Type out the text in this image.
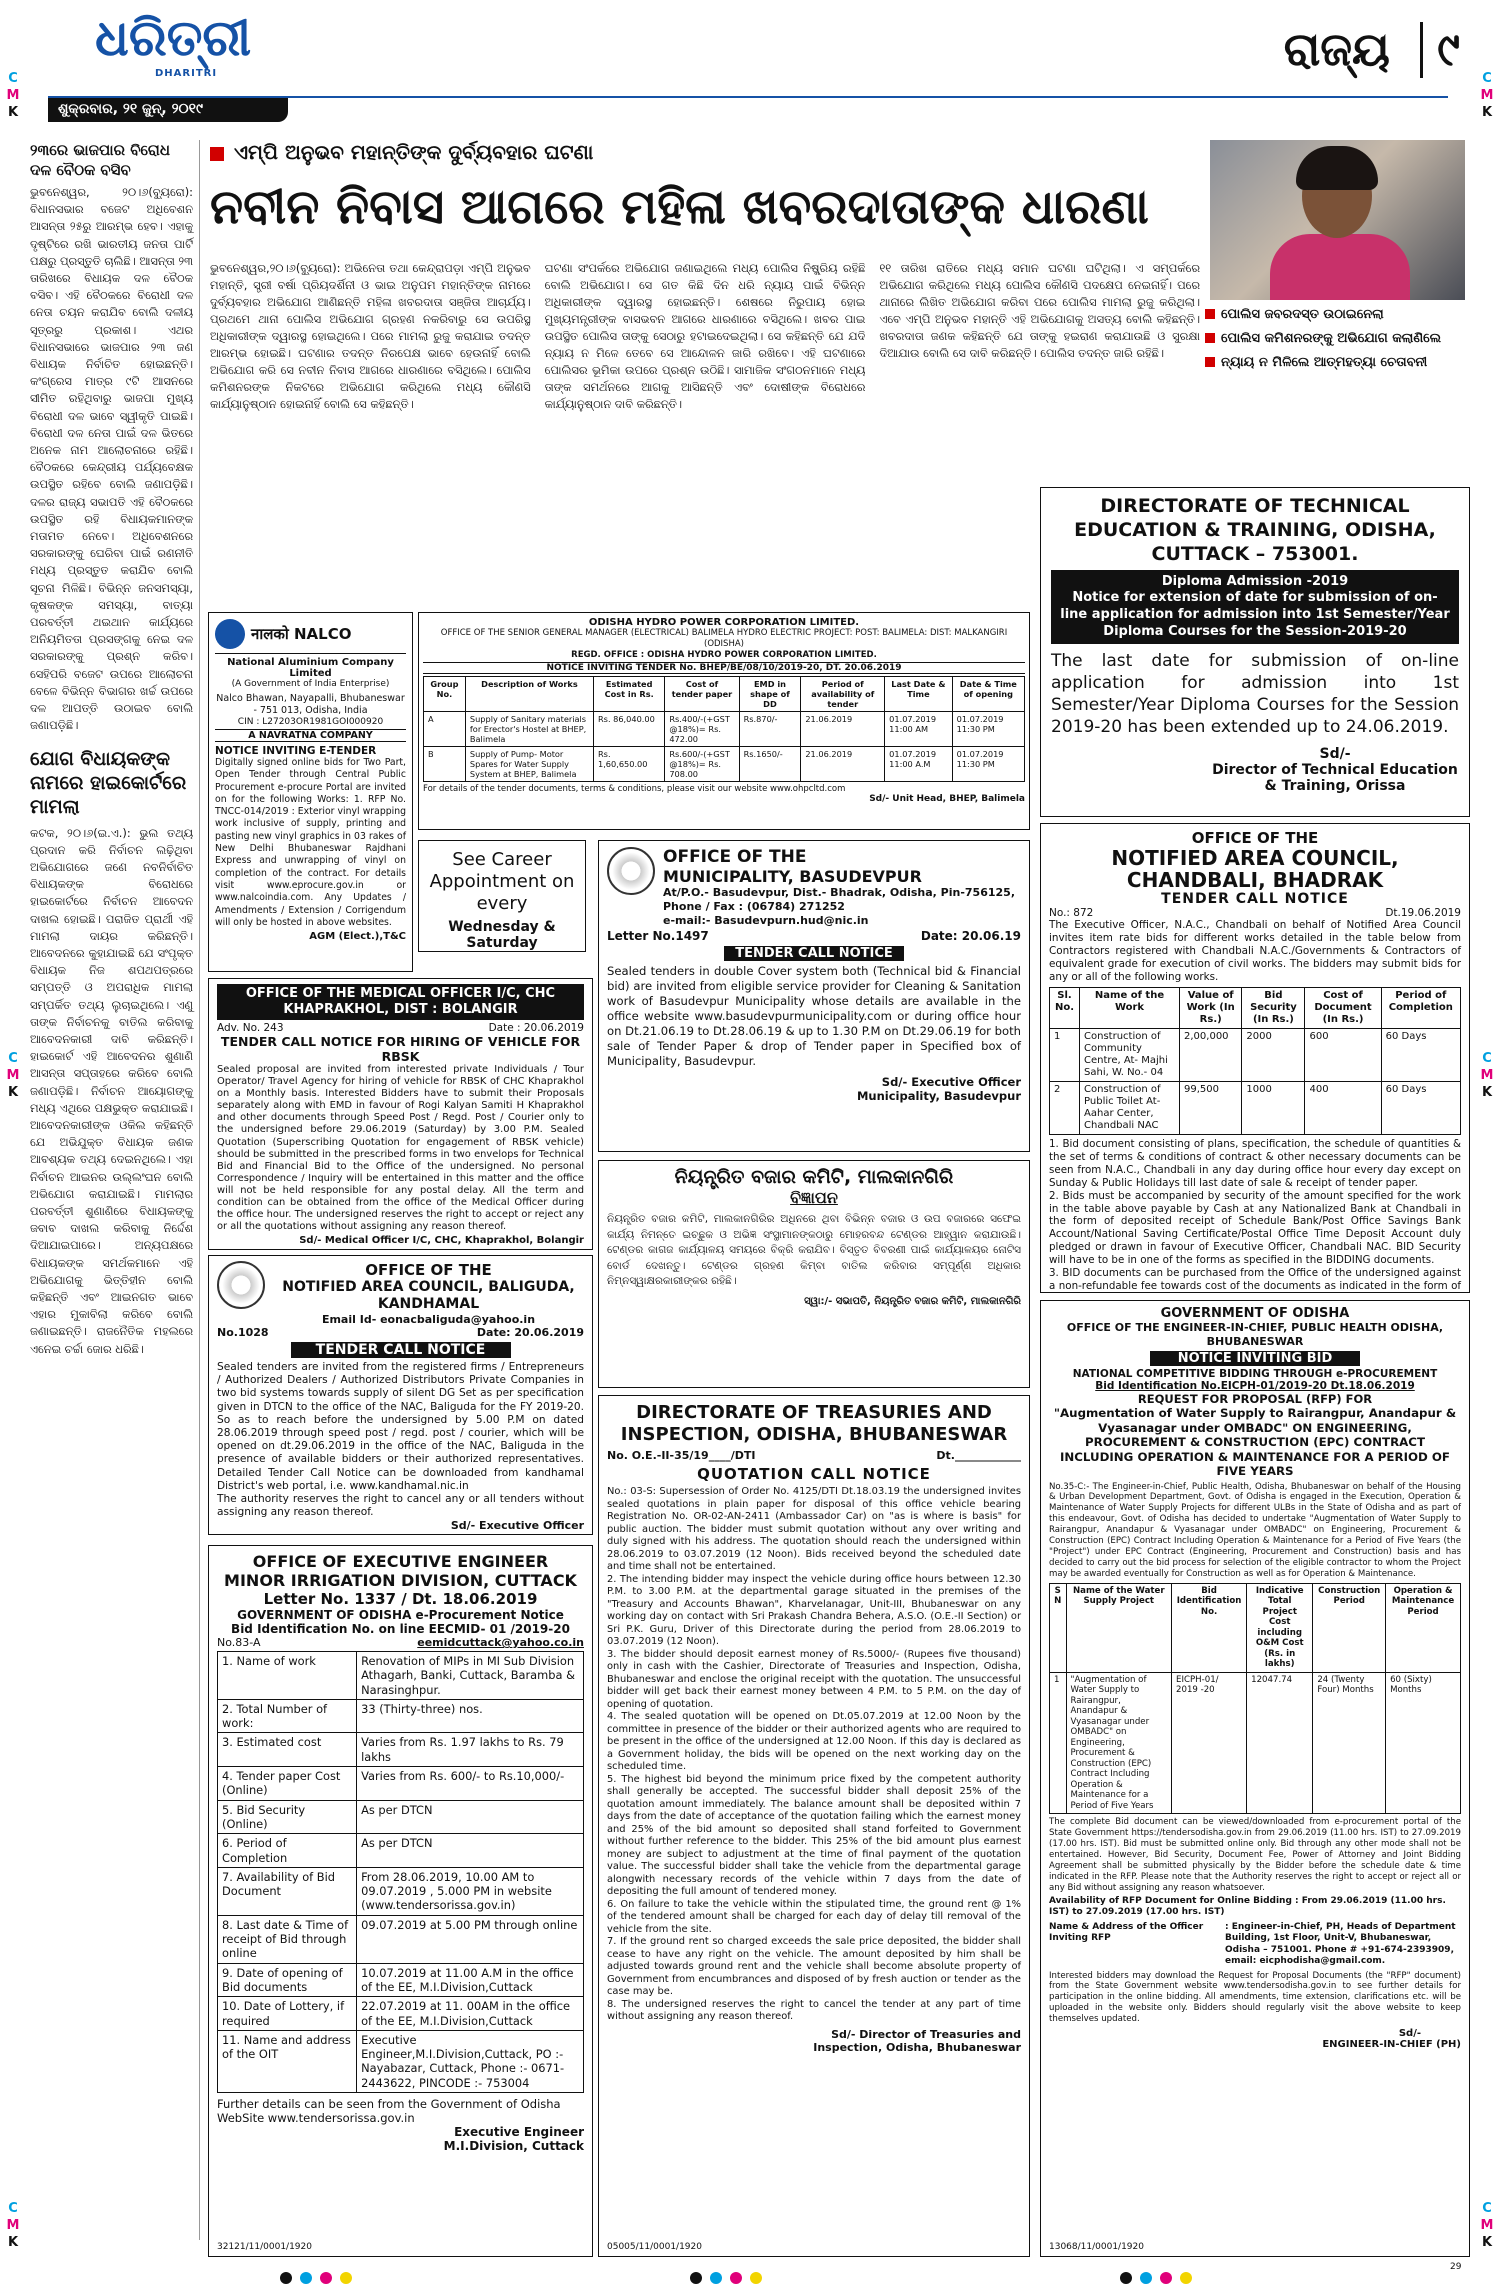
ଧରିତ୍ରୀ
DHARITRI	ରାଜ୍ୟ	୯
ଶୁକ୍ରବାର, ୨୧ ଜୁନ୍, ୨୦୧୯
C
M
K
C
M
K
C
M
K
C
M
K
C
M
K
C
M
K
୨୩ରେ ଭାଜପାର ବିରୋଧ ଦଳ ବୈଠକ ବସିବ
ଭୁବନେଶ୍ୱର, ୨୦।୬(ବ୍ୟୁରୋ): ବିଧାନସଭାର ବଜେଟ ଅଧିବେଶନ ଆସନ୍ତା ୨୫ରୁ ଆରମ୍ଭ ହେବ। ଏହାକୁ ଦୃଷ୍ଟିରେ ରଖି ଭାରତୀୟ ଜନତା ପାର୍ଟି ପକ୍ଷରୁ ପ୍ରସ୍ତୁତି ଚାଲିଛି। ଆସନ୍ତା ୨୩ ତାରିଖରେ ବିଧାୟକ ଦଳ ବୈଠକ ବସିବ। ଏହି ବୈଠକରେ ବିରୋଧୀ ଦଳ ନେତା ଚୟନ କରାଯିବ ବୋଲି ଦଳୀୟ ସୂତ୍ରରୁ ପ୍ରକାଶ। ଏଥର ବିଧାନସଭାରେ ଭାଜପାର ୨୩ ଜଣ ବିଧାୟକ ନିର୍ବାଚିତ ହୋଇଛନ୍ତି। କଂଗ୍ରେସ ମାତ୍ର ୯ଟି ଆସନରେ ସୀମିତ ରହିଥିବାରୁ ଭାଜପା ମୁଖ୍ୟ ବିରୋଧୀ ଦଳ ଭାବେ ସ୍ୱୀକୃତି ପାଇଛି। ବିରୋଧୀ ଦଳ ନେତା ପାଇଁ ଦଳ ଭିତରେ ଅନେକ ନାମ ଆଲୋଚନାରେ ରହିଛି। ବୈଠକରେ କେନ୍ଦ୍ରୀୟ ପର୍ଯ୍ୟବେକ୍ଷକ ଉପସ୍ଥିତ ରହିବେ ବୋଲି ଜଣାପଡ଼ିଛି। ଦଳର ରାଜ୍ୟ ସଭାପତି ଏହି ବୈଠକରେ ଉପସ୍ଥିତ ରହି ବିଧାୟକମାନଙ୍କ ମତାମତ ନେବେ। ଅଧିବେଶନରେ ସରକାରଙ୍କୁ ଘେରିବା ପାଇଁ ରଣନୀତି ମଧ୍ୟ ପ୍ରସ୍ତୁତ କରାଯିବ ବୋଲି ସୂଚନା ମିଳିଛି। ବିଭିନ୍ନ ଜନସମସ୍ୟା, କୃଷକଙ୍କ ସମସ୍ୟା, ବାତ୍ୟା ପରବର୍ତ୍ତୀ ଥଇଥାନ କାର୍ଯ୍ୟରେ ଅନିୟମିତତା ପ୍ରସଙ୍ଗକୁ ନେଇ ଦଳ ସରକାରଙ୍କୁ ପ୍ରଶ୍ନ କରିବ। ସେହିପରି ବଜେଟ ଉପରେ ଆଲୋଚନା ବେଳେ ବିଭିନ୍ନ ବିଭାଗର ଖର୍ଚ୍ଚ ଉପରେ ଦଳ ଆପତ୍ତି ଉଠାଇବ ବୋଲି ଜଣାପଡ଼ିଛି।
ଯୋଗ ବିଧାୟକଙ୍କ ନାମରେ ହାଇକୋର୍ଟରେ ମାମଲା
କଟକ, ୨୦।୬(ଇ.ଏ.): ଭୁଲ ତଥ୍ୟ ପ୍ରଦାନ କରି ନିର୍ବାଚନ ଲଢ଼ିଥିବା ଅଭିଯୋଗରେ ଜଣେ ନବନିର୍ବାଚିତ ବିଧାୟକଙ୍କ ବିରୋଧରେ ହାଇକୋର୍ଟରେ ନିର୍ବାଚନ ଆବେଦନ ଦାଖଲ ହୋଇଛି। ପରାଜିତ ପ୍ରାର୍ଥୀ ଏହି ମାମଲା ଦାୟର କରିଛନ୍ତି। ଆବେଦନରେ କୁହାଯାଇଛି ଯେ ସଂପୃକ୍ତ ବିଧାୟକ ନିଜ ଶପଥପତ୍ରରେ ସମ୍ପତ୍ତି ଓ ଅପରାଧିକ ମାମଲା ସମ୍ପର୍କିତ ତଥ୍ୟ ଲୁଚାଇଥିଲେ। ଏଣୁ ତାଙ୍କ ନିର୍ବାଚନକୁ ବାତିଲ କରିବାକୁ ଆବେଦନକାରୀ ଦାବି କରିଛନ୍ତି। ହାଇକୋର୍ଟ ଏହି ଆବେଦନର ଶୁଣାଣି ଆସନ୍ତା ସପ୍ତାହରେ କରିବେ ବୋଲି ଜଣାପଡ଼ିଛି। ନିର୍ବାଚନ ଆୟୋଗଙ୍କୁ ମଧ୍ୟ ଏଥିରେ ପକ୍ଷଭୁକ୍ତ କରାଯାଇଛି। ଆବେଦନକାରୀଙ୍କ ଓକିଲ କହିଛନ୍ତି ଯେ ଅଭିଯୁକ୍ତ ବିଧାୟକ ଜଣକ ଆବଶ୍ୟକ ତଥ୍ୟ ଦେଇନଥିଲେ। ଏହା ନିର୍ବାଚନ ଆଇନର ଉଲ୍ଲଂଘନ ବୋଲି ଅଭିଯୋଗ କରାଯାଇଛି। ମାମଲାର ପରବର୍ତ୍ତୀ ଶୁଣାଣିରେ ବିଧାୟକଙ୍କୁ ଜବାବ ଦାଖଲ କରିବାକୁ ନିର୍ଦ୍ଦେଶ ଦିଆଯାଇପାରେ। ଅନ୍ୟପକ୍ଷରେ ବିଧାୟକଙ୍କ ସମର୍ଥକମାନେ ଏହି ଅଭିଯୋଗକୁ ଭିତ୍ତିହୀନ ବୋଲି କହିଛନ୍ତି ଏବଂ ଆଇନଗତ ଭାବେ ଏହାର ମୁକାବିଲା କରିବେ ବୋଲି ଜଣାଇଛନ୍ତି। ରାଜନୈତିକ ମହଲରେ ଏନେଇ ଚର୍ଚ୍ଚା ଜୋର ଧରିଛି।
ଏମ୍‌ପି ଅନୁଭବ ମହାନ୍ତିଙ୍କ ଦୁର୍ବ୍ୟବହାର ଘଟଣା
ନବୀନ ନିବାସ ଆଗରେ ମହିଳା ଖବରଦାତାଙ୍କ ଧାରଣା
ଭୁବନେଶ୍ୱର,୨୦।୬(ବ୍ୟୁରୋ): ଅଭିନେତା ତଥା କେନ୍ଦ୍ରାପଡ଼ା ଏମ୍‌ପି ଅନୁଭବ ମହାନ୍ତି, ସ୍ତ୍ରୀ ବର୍ଷା ପ୍ରିୟଦର୍ଶିନୀ ଓ ଭାଇ ଅନୁପମ ମହାନ୍ତିଙ୍କ ନାମରେ ଦୁର୍ବ୍ୟବହାର ଅଭିଯୋଗ ଆଣିଛନ୍ତି ମହିଳା ଖବରଦାତା ସଞ୍ଜିତା ଆଚାର୍ଯ୍ୟ। ପ୍ରଥମେ ଥାନା ପୋଲିସ ଅଭିଯୋଗ ଗ୍ରହଣ ନକରିବାରୁ ସେ ଉପରିସ୍ଥ ଅଧିକାରୀଙ୍କ ଦ୍ୱାରସ୍ଥ ହୋଇଥିଲେ। ପରେ ମାମଲା ରୁଜୁ କରାଯାଇ ତଦନ୍ତ ଆରମ୍ଭ ହୋଇଛି। ଘଟଣାର ତଦନ୍ତ ନିରପେକ୍ଷ ଭାବେ ହେଉନାହିଁ ବୋଲି ଅଭିଯୋଗ କରି ସେ ନବୀନ ନିବାସ ଆଗରେ ଧାରଣାରେ ବସିଥିଲେ। ପୋଲିସ କମିଶନରଙ୍କ ନିକଟରେ ଅଭିଯୋଗ କରିଥିଲେ ମଧ୍ୟ କୌଣସି କାର୍ଯ୍ୟାନୁଷ୍ଠାନ ହୋଇନାହିଁ ବୋଲି ସେ କହିଛନ୍ତି।
ଘଟଣା ସଂପର୍କରେ ଅଭିଯୋଗ ଜଣାଇଥିଲେ ମଧ୍ୟ ପୋଲିସ ନିଷ୍କ୍ରିୟ ରହିଛି ବୋଲି ଅଭିଯୋଗ। ସେ ଗତ କିଛି ଦିନ ଧରି ନ୍ୟାୟ ପାଇଁ ବିଭିନ୍ନ ଅଧିକାରୀଙ୍କ ଦ୍ୱାରସ୍ଥ ହୋଇଛନ୍ତି। ଶେଷରେ ନିରୁପାୟ ହୋଇ ମୁଖ୍ୟମନ୍ତ୍ରୀଙ୍କ ବାସଭବନ ଆଗରେ ଧାରଣାରେ ବସିଥିଲେ। ଖବର ପାଇ ଉପସ୍ଥିତ ପୋଲିସ ତାଙ୍କୁ ସେଠାରୁ ହଟାଇଦେଇଥିଲା। ସେ କହିଛନ୍ତି ଯେ ଯଦି ନ୍ୟାୟ ନ ମିଳେ ତେବେ ସେ ଆନ୍ଦୋଳନ ଜାରି ରଖିବେ। ଏହି ଘଟଣାରେ ପୋଲିସର ଭୂମିକା ଉପରେ ପ୍ରଶ୍ନ ଉଠିଛି। ସାମାଜିକ ସଂଗଠନମାନେ ମଧ୍ୟ ତାଙ୍କ ସମର୍ଥନରେ ଆଗକୁ ଆସିଛନ୍ତି ଏବଂ ଦୋଷୀଙ୍କ ବିରୋଧରେ କାର୍ଯ୍ୟାନୁଷ୍ଠାନ ଦାବି କରିଛନ୍ତି।
୧୧ ତାରିଖ ରାତିରେ ମଧ୍ୟ ସମାନ ଘଟଣା ଘଟିଥିଲା। ଏ ସମ୍ପର୍କରେ ଅଭିଯୋଗ କରିଥିଲେ ମଧ୍ୟ ପୋଲିସ କୌଣସି ପଦକ୍ଷେପ ନେଇନାହିଁ। ପରେ ଥାନାରେ ଲିଖିତ ଅଭିଯୋଗ କରିବା ପରେ ପୋଲିସ ମାମଲା ରୁଜୁ କରିଥିଲା। ଏବେ ଏମ୍‌ପି ଅନୁଭବ ମହାନ୍ତି ଏହି ଅଭିଯୋଗକୁ ଅସତ୍ୟ ବୋଲି କହିଛନ୍ତି। ଖବରଦାତା ଜଣକ କହିଛନ୍ତି ଯେ ତାଙ୍କୁ ହଇରାଣ କରାଯାଉଛି ଓ ସୁରକ୍ଷା ଦିଆଯାଉ ବୋଲି ସେ ଦାବି କରିଛନ୍ତି। ପୋଲିସ ତଦନ୍ତ ଜାରି ରହିଛି।
ପୋଲିସ ଜବରଦସ୍ତ ଉଠାଇନେଲା
ପୋଲିସ କମିଶନରଙ୍କୁ ଅଭିଯୋଗ କଲାଣିଲେ
ନ୍ୟାୟ ନ ମିଳିଲେ ଆତ୍ମହତ୍ୟା ଚେତାବନୀ
नालको NALCO
National Aluminium Company Limited
(A Government of India Enterprise)
Nalco Bhawan, Nayapalli, Bhubaneswar - 751 013, Odisha, India
CIN : L27203OR1981GOI000920
A NAVRATNA COMPANY
NOTICE INVITING E-TENDER
Digitally signed online bids for Two Part, Open Tender through Central Public Procurement e-procure Portal are invited on for the following Works: 1. RFP No. TNCC-014/2019 : Exterior vinyl wrapping work inclusive of supply, printing and pasting new vinyl graphics in 03 rakes of New Delhi Bhubaneswar Rajdhani Express and unwrapping of vinyl on completion of the contract. For details visit www.eprocure.gov.in or www.nalcoindia.com. Any Updates / Amendments / Extension / Corrigendum will only be hosted in above websites.
AGM (Elect.),T&C
ODISHA HYDRO POWER CORPORATION LIMITED.
OFFICE OF THE SENIOR GENERAL MANAGER (ELECTRICAL) BALIMELA HYDRO ELECTRIC PROJECT: POST: BALIMELA: DIST: MALKANGIRI (ODISHA)
REGD. OFFICE : ODISHA HYDRO POWER CORPORATION LIMITED.
NOTICE INVITING TENDER No. BHEP/BE/08/10/2019-20, DT. 20.06.2019
Group No.	Description of Works	Estimated Cost in Rs.	Cost of tender paper	EMD in shape of DD	Period of availability of tender	Last Date & Time	Date & Time of opening
A	Supply of Sanitary materials for Erector's Hostel at BHEP, Balimela	Rs. 86,040.00	Rs.400/-(+GST @18%)= Rs. 472.00	Rs.870/-	21.06.2019	01.07.2019 11:00 AM	01.07.2019 11:30 PM
B	Supply of Pump- Motor Spares for Water Supply System at BHEP, Balimela	Rs. 1,60,650.00	Rs.600/-(+GST @18%)= Rs. 708.00	Rs.1650/-	21.06.2019	01.07.2019 11:00 A.M	01.07.2019 11:30 PM
For details of the tender documents, terms & conditions, please visit our website www.ohpcltd.com
Sd/- Unit Head, BHEP, Balimela
See Career Appointment on every
Wednesday & Saturday
OFFICE OF THE
MUNICIPALITY, BASUDEVPUR
At/P.O.- Basudevpur, Dist.- Bhadrak, Odisha, Pin-756125, Phone / Fax : (06784) 271252
e-mail:- Basudevpurn.hud@nic.in
Letter No.1497	Date: 20.06.19
TENDER CALL NOTICE
Sealed tenders in double Cover system both (Technical bid & Financial bid) are invited from eligible service provider for Cleaning & Sanitation work of Basudevpur Municipality whose details are available in the office website www.basudevpurmunicipality.com or during office hour on Dt.21.06.19 to Dt.28.06.19 & up to 1.30 P.M on Dt.29.06.19 for both sale of Tender Paper & drop of Tender paper in Specified box of Municipality, Basudevpur.
Sd/- Executive Officer
Municipality, Basudevpur
OFFICE OF THE MEDICAL OFFICER I/C, CHC KHAPRAKHOL, DIST : BOLANGIR
Adv. No. 243	Date : 20.06.2019
TENDER CALL NOTICE FOR HIRING OF VEHICLE FOR RBSK
Sealed proposal are invited from interested private Individuals / Tour Operator/ Travel Agency for hiring of vehicle for RBSK of CHC Khaprakhol on a Monthly basis. Interested Bidders have to submit their Proposals separately along with EMD in favour of Rogi Kalyan Samiti H Khaprakhol and other documents through Speed Post / Regd. Post / Courier only to the undersigned before 29.06.2019 (Saturday) by 3.00 P.M. Sealed Quotation (Superscribing Quotation for engagement of RBSK vehicle) should be submitted in the prescribed forms in two envelops for Technical Bid and Financial Bid to the Office of the undersigned. No personal Correspondence / Inquiry will be entertained in this matter and the office will not be held responsible for any postal delay. All the term and condition can be obtained from the office of the Medical Officer during the office hour. The undersigned reserves the right to accept or reject any or all the quotations without assigning any reason thereof.
Sd/- Medical Officer I/C, CHC, Khaprakhol, Bolangir
OFFICE OF THE
NOTIFIED AREA COUNCIL, BALIGUDA, KANDHAMAL
Email Id- eonacbaliguda@yahoo.in
No.1028	Date: 20.06.2019
TENDER CALL NOTICE
Sealed tenders are invited from the registered firms / Entrepreneurs / Authorized Dealers / Authorized Distributors Private Companies in two bid systems towards supply of silent DG Set as per specification given in DTCN to the office of the NAC, Baliguda for the FY 2019-20. So as to reach before the undersigned by 5.00 P.M on dated 28.06.2019 through speed post / regd. post / courier, which will be opened on dt.29.06.2019 in the office of the NAC, Baliguda in the presence of available bidders or their authorized representatives. Detailed Tender Call Notice can be downloaded from kandhamal District's web portal, i.e. www.kandhamal.nic.in
The authority reserves the right to cancel any or all tenders without assigning any reason thereof.
Sd/- Executive Officer
OFFICE OF EXECUTIVE ENGINEER
MINOR IRRIGATION DIVISION, CUTTACK
Letter No. 1337 / Dt. 18.06.2019
GOVERNMENT OF ODISHA e-Procurement Notice
Bid Identification No. on line EECMID- 01 /2019-20
No.83-A	eemidcuttack@yahoo.co.in
1. Name of work	Renovation of MIPs in MI Sub Division Athagarh, Banki, Cuttack, Baramba & Narasinghpur.
2. Total Number of work:	33 (Thirty-three) nos.
3. Estimated cost	Varies from Rs. 1.97 lakhs to Rs. 79 lakhs
4. Tender paper Cost (Online)	Varies from Rs. 600/- to Rs.10,000/-
5. Bid Security (Online)	As per DTCN
6. Period of Completion	As per DTCN
7. Availability of Bid Document	From 28.06.2019, 10.00 AM to 09.07.2019 , 5.000 PM in website (www.tendersorissa.gov.in)
8. Last date & Time of receipt of Bid through online	09.07.2019 at 5.00 PM through online
9. Date of opening of Bid documents	10.07.2019 at 11.00 A.M in the office of the EE, M.I.Division,Cuttack
10. Date of Lottery, if required	22.07.2019 at 11. 00AM in the office of the EE, M.I.Division,Cuttack
11. Name and address of the OIT	Executive Engineer,M.I.Division,Cuttack, PO :- Nayabazar, Cuttack, Phone :- 0671-2443622, PINCODE :- 753004
Further details can be seen from the Government of Odisha WebSite www.tendersorissa.gov.in
Executive Engineer
M.I.Division, Cuttack
32121/11/0001/1920
ନିୟନ୍ତ୍ରିତ ବଜାର କମିଟି, ମାଲକାନଗିରି
ବିଜ୍ଞାପନ
ନିୟନ୍ତ୍ରିତ ବଜାର କମିଟି, ମାଲକାନଗିରିର ଅଧିନରେ ଥିବା ବିଭିନ୍ନ ବଜାର ଓ ଉପ ବଜାରରେ ସଫେଇ କାର୍ଯ୍ୟ ନିମନ୍ତେ ଇଚ୍ଛୁକ ଓ ଅଭିଜ୍ଞ ସଂସ୍ଥାମାନଙ୍କଠାରୁ ମୋହରବନ୍ଦ ଟେଣ୍ଡର ଆହ୍ୱାନ କରାଯାଉଛି। ଟେଣ୍ଡର କାଗଜ କାର୍ଯ୍ୟାଳୟ ସମୟରେ ବିକ୍ରି କରାଯିବ। ବିସ୍ତୃତ ବିବରଣୀ ପାଇଁ କାର୍ଯ୍ୟାଳୟର ନୋଟିସ ବୋର୍ଡ ଦେଖନ୍ତୁ। ଟେଣ୍ଡର ଗ୍ରହଣ କିମ୍ବା ବାତିଲ କରିବାର ସମ୍ପୂର୍ଣ୍ଣ ଅଧିକାର ନିମ୍ନସ୍ୱାକ୍ଷରକାରୀଙ୍କର ରହିଛି।
ସ୍ୱା:/- ସଭାପତି, ନିୟନ୍ତ୍ରିତ ବଜାର କମିଟି, ମାଲକାନଗିରି
DIRECTORATE OF TREASURIES AND INSPECTION, ODISHA, BHUBANESWAR
No. O.E.-II-35/19____/DTI	Dt.____________
QUOTATION CALL NOTICE
No.: 03-S: Supersession of Order No. 4125/DTI Dt.18.03.19 the undersigned invites sealed quotations in plain paper for disposal of this office vehicle bearing Registration No. OR-02-AN-2411 (Ambassador Car) on "as is where is basis" for public auction. The bidder must submit quotation without any over writing and duly signed with his address. The quotation should reach the undersigned within 28.06.2019 to 03.07.2019 (12 Noon). Bids received beyond the scheduled date and time shall not be entertained.
2. The intending bidder may inspect the vehicle during office hours between 12.30 P.M. to 3.00 P.M. at the departmental garage situated in the premises of the "Treasury and Accounts Bhawan", Kharvelanagar, Unit-III, Bhubaneswar on any working day on contact with Sri Prakash Chandra Behera, A.S.O. (O.E.-II Section) or Sri P.K. Guru, Driver of this Directorate during the period from 28.06.2019 to 03.07.2019 (12 Noon).
3. The bidder should deposit earnest money of Rs.5000/- (Rupees five thousand) only in cash with the Cashier, Directorate of Treasuries and Inspection, Odisha, Bhubaneswar and enclose the original receipt with the quotation. The unsuccessful bidder will get back their earnest money between 4 P.M. to 5 P.M. on the day of opening of quotation.
4. The sealed quotation will be opened on Dt.05.07.2019 at 12.00 Noon by the committee in presence of the bidder or their authorized agents who are required to be present in the office of the undersigned at 12.00 Noon. If this day is declared as a Government holiday, the bids will be opened on the next working day on the scheduled time.
5. The highest bid beyond the minimum price fixed by the competent authority shall generally be accepted. The successful bidder shall deposit 25% of the quotation amount immediately. The balance amount shall be deposited within 7 days from the date of acceptance of the quotation failing which the earnest money and 25% of the bid amount so deposited shall stand forfeited to Government without further reference to the bidder. This 25% of the bid amount plus earnest money are subject to adjustment at the time of final payment of the quotation value. The successful bidder shall take the vehicle from the departmental garage alongwith necessary records of the vehicle within 7 days from the date of depositing the full amount of tendered money.
6. On failure to take the vehicle within the stipulated time, the ground rent @ 1% of the tendered amount shall be charged for each day of delay till removal of the vehicle from the site.
7. If the ground rent so charged exceeds the sale price deposited, the bidder shall cease to have any right on the vehicle. The amount deposited by him shall be adjusted towards ground rent and the vehicle shall become absolute property of Government from encumbrances and disposed of by fresh auction or tender as the case may be.
8. The undersigned reserves the right to cancel the tender at any part of time without assigning any reason thereof.
Sd/- Director of Treasuries and
Inspection, Odisha, Bhubaneswar
05005/11/0001/1920
DIRECTORATE OF TECHNICAL EDUCATION & TRAINING, ODISHA, CUTTACK – 753001.
Diploma Admission -2019
Notice for extension of date for submission of on-line application for admission into 1st Semester/Year Diploma Courses for the Session-2019-20
The last date for submission of on-line application for admission into 1st Semester/Year Diploma Courses for the Session 2019-20 has been extended up to 24.06.2019.
Sd/-
Director of Technical Education
& Training, Orissa
OFFICE OF THE
NOTIFIED AREA COUNCIL, CHANDBALI, BHADRAK
TENDER CALL NOTICE
No.: 872	Dt.19.06.2019
The Executive Officer, N.A.C., Chandbali on behalf of Notified Area Council invites item rate bids for different works detailed in the table below from Contractors registered with Chandbali N.A.C./Governments & Contractors of equivalent grade for execution of civil works. The bidders may submit bids for any or all of the following works.
Sl. No.	Name of the Work	Value of Work (In Rs.)	Bid Security (In Rs.)	Cost of Document (In Rs.)	Period of Completion
1	Construction of Community Centre, At- Majhi Sahi, W. No.- 04	2,00,000	2000	600	60 Days
2	Construction of Public Toilet At- Aahar Center, Chandbali NAC	99,500	1000	400	60 Days
1. Bid document consisting of plans, specification, the schedule of quantities & the set of terms & conditions of contract & other necessary documents can be seen from N.A.C., Chandbali in any day during office hour every day except on Sunday & Public Holidays till last date of sale & receipt of tender paper.
2. Bids must be accompanied by security of the amount specified for the work in the table above payable by Cash at any Nationalized Bank at Chandbali in the form of deposited receipt of Schedule Bank/Post Office Savings Bank Account/National Saving Certificate/Postal Office Time Deposit Account duly pledged or drawn in favour of Executive Officer, Chandbali NAC. BID Security will have to be in one of the forms as specified in the BIDDING documents.
3. BID documents can be purchased from the Office of the undersigned against a non-refundable fee towards cost of the documents as indicated in the form of
GOVERNMENT OF ODISHA
OFFICE OF THE ENGINEER-IN-CHIEF, PUBLIC HEALTH ODISHA, BHUBANESWAR
NOTICE INVITING BID
NATIONAL COMPETITIVE BIDDING THROUGH e-PROCUREMENT
Bid Identification No.EICPH-01/2019-20 Dt.18.06.2019
REQUEST FOR PROPOSAL (RFP) FOR
"Augmentation of Water Supply to Rairangpur, Anandapur & Vyasanagar under OMBADC" ON ENGINEERING, PROCUREMENT & CONSTRUCTION (EPC) CONTRACT INCLUDING OPERATION & MAINTENANCE FOR A PERIOD OF FIVE YEARS
No.35-C:- The Engineer-in-Chief, Public Health, Odisha, Bhubaneswar on behalf of the Housing & Urban Development Department, Govt. of Odisha is engaged in the Execution, Operation & Maintenance of Water Supply Projects for different ULBs in the State of Odisha and as part of this endeavour, Govt. of Odisha has decided to undertake "Augmentation of Water Supply to Rairangpur, Anandapur & Vyasanagar under OMBADC" on Engineering, Procurement & Construction (EPC) Contract Including Operation & Maintenance for a Period of Five Years (the "Project") under EPC Contract (Engineering, Procurement and Construction) basis and has decided to carry out the bid process for selection of the eligible contractor to whom the Project may be awarded eventually for Construction as well as for Operation & Maintenance.
S N	Name of the Water Supply Project	Bid Identification No.	Indicative Total Project Cost including O&M Cost (Rs. in lakhs)	Construction Period	Operation & Maintenance Period
1	"Augmentation of Water Supply to Rairangpur, Anandapur & Vyasanagar under OMBADC" on Engineering, Procurement & Construction (EPC) Contract Including Operation & Maintenance for a Period of Five Years	EICPH-01/ 2019 -20	12047.74	24 (Twenty Four) Months	60 (Sixty) Months
The complete Bid document can be viewed/downloaded from e-procurement portal of the State Government https://tendersodisha.gov.in from 29.06.2019 (11.00 hrs. IST) to 27.09.2019 (17.00 hrs. IST). Bid must be submitted online only. Bid through any other mode shall not be entertained. However, Bid Security, Document Fee, Power of Attorney and Joint Bidding Agreement shall be submitted physically by the Bidder before the schedule date & time indicated in the RFP. Please note that the Authority reserves the right to accept or reject all or any Bid without assigning any reason whatsoever.
Availability of RFP Document for Online Bidding : From 29.06.2019 (11.00 hrs. IST) to 27.09.2019 (17.00 hrs. IST)
Name & Address of the Officer Inviting RFP
: Engineer-in-Chief, PH, Heads of Department Building, 1st Floor, Unit-V, Bhubaneswar, Odisha – 751001. Phone # +91-674-2393909, email: eicphodisha@gmail.com.
Interested bidders may download the Request for Proposal Documents (the "RFP" document) from the State Government website www.tendersodisha.gov.in to see further details for participation in the online bidding. All amendments, time extension, clarifications etc. will be uploaded in the website only. Bidders should regularly visit the above website to keep themselves updated.
Sd/-
ENGINEER-IN-CHIEF (PH)
13068/11/0001/1920
29
